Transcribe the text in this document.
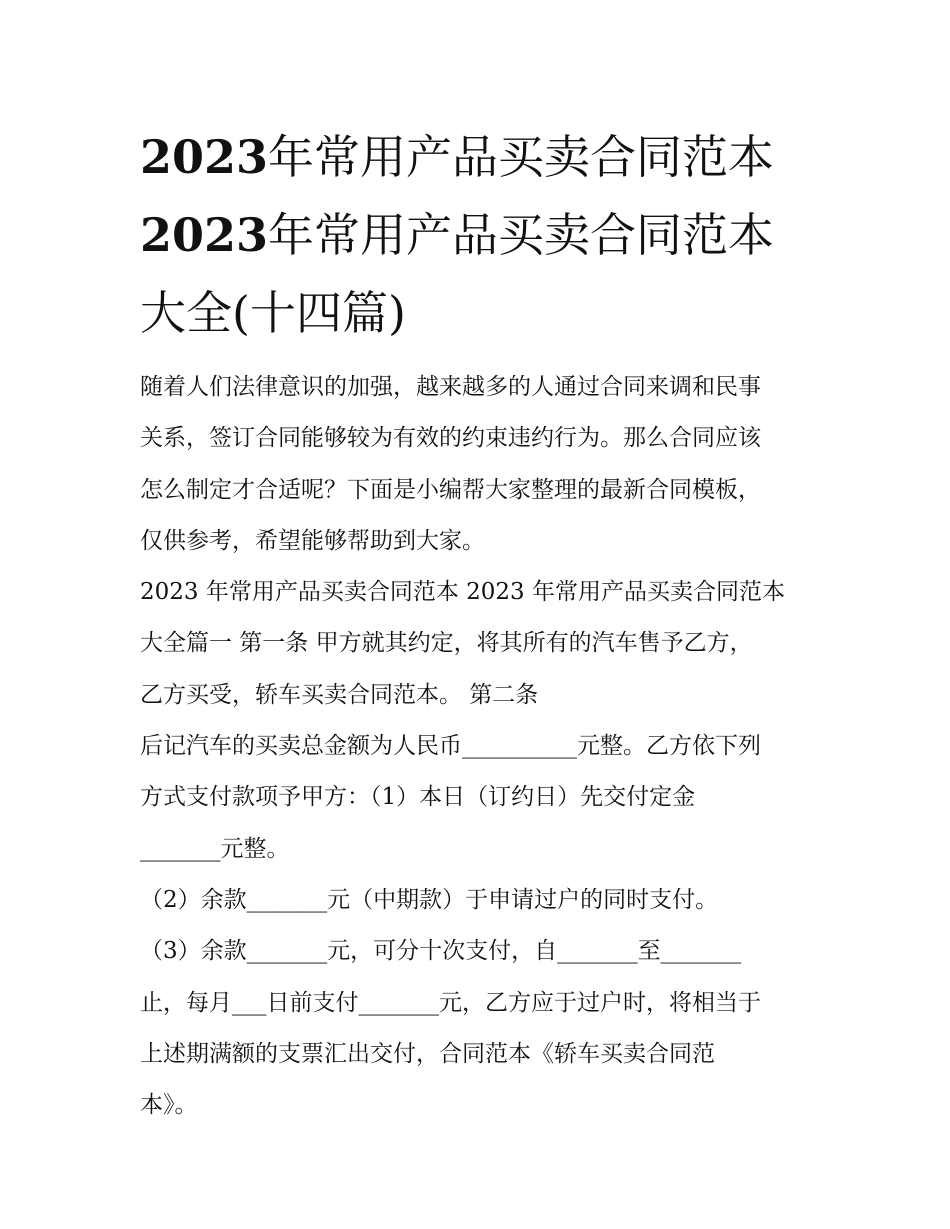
2023年常用产品买卖合同范本
2023年常用产品买卖合同范本
大全(十四篇)
随着人们法律意识的加强，越来越多的人通过合同来调和民事
关系，签订合同能够较为有效的约束违约行为。那么合同应该
怎么制定才合适呢？下面是小编帮大家整理的最新合同模板，
仅供参考，希望能够帮助到大家。
2023 年常用产品买卖合同范本 2023 年常用产品买卖合同范本
大全篇一 第一条 甲方就其约定，将其所有的汽车售予乙方，
乙方买受，轿车买卖合同范本。 第二条
后记汽车的买卖总金额为人民币__________元整。乙方依下列
方式支付款项予甲方：（1）本日（订约日）先交付定金
_______元整。
（2）余款_______元（中期款）于申请过户的同时支付。
（3）余款_______元，可分十次支付，自_______至_______
止，每月___日前支付_______元，乙方应于过户时，将相当于
上述期满额的支票汇出交付，合同范本《轿车买卖合同范
本》。
